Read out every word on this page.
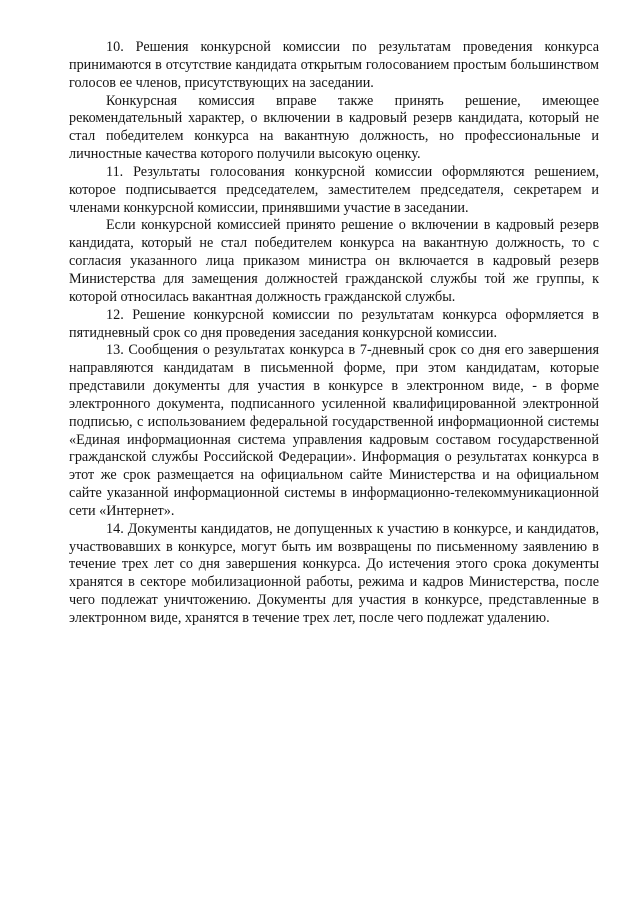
10. Решения конкурсной комиссии по результатам проведения конкурса принимаются в отсутствие кандидата открытым голосованием простым большинством голосов ее членов, присутствующих на заседании.

Конкурсная комиссия вправе также принять решение, имеющее рекомендательный характер, о включении в кадровый резерв кандидата, который не стал победителем конкурса на вакантную должность, но профессиональные и личностные качества которого получили высокую оценку.

11. Результаты голосования конкурсной комиссии оформляются решением, которое подписывается председателем, заместителем председателя, секретарем и членами конкурсной комиссии, принявшими участие в заседании.

Если конкурсной комиссией принято решение о включении в кадровый резерв кандидата, который не стал победителем конкурса на вакантную должность, то с согласия указанного лица приказом министра он включается в кадровый резерв Министерства для замещения должностей гражданской службы той же группы, к которой относилась вакантная должность гражданской службы.

12. Решение конкурсной комиссии по результатам конкурса оформляется в пятидневный срок со дня проведения заседания конкурсной комиссии.

13. Сообщения о результатах конкурса в 7-дневный срок со дня его завершения направляются кандидатам в письменной форме, при этом кандидатам, которые представили документы для участия в конкурсе в электронном виде, - в форме электронного документа, подписанного усиленной квалифицированной электронной подписью, с использованием федеральной государственной информационной системы «Единая информационная система управления кадровым составом государственной гражданской службы Российской Федерации». Информация о результатах конкурса в этот же срок размещается на официальном сайте Министерства и на официальном сайте указанной информационной системы в информационно-телекоммуникационной сети «Интернет».

14. Документы кандидатов, не допущенных к участию в конкурсе, и кандидатов, участвовавших в конкурсе, могут быть им возвращены по письменному заявлению в течение трех лет со дня завершения конкурса. До истечения этого срока документы хранятся в секторе мобилизационной работы, режима и кадров Министерства, после чего подлежат уничтожению. Документы для участия в конкурсе, представленные в электронном виде, хранятся в течение трех лет, после чего подлежат удалению.
